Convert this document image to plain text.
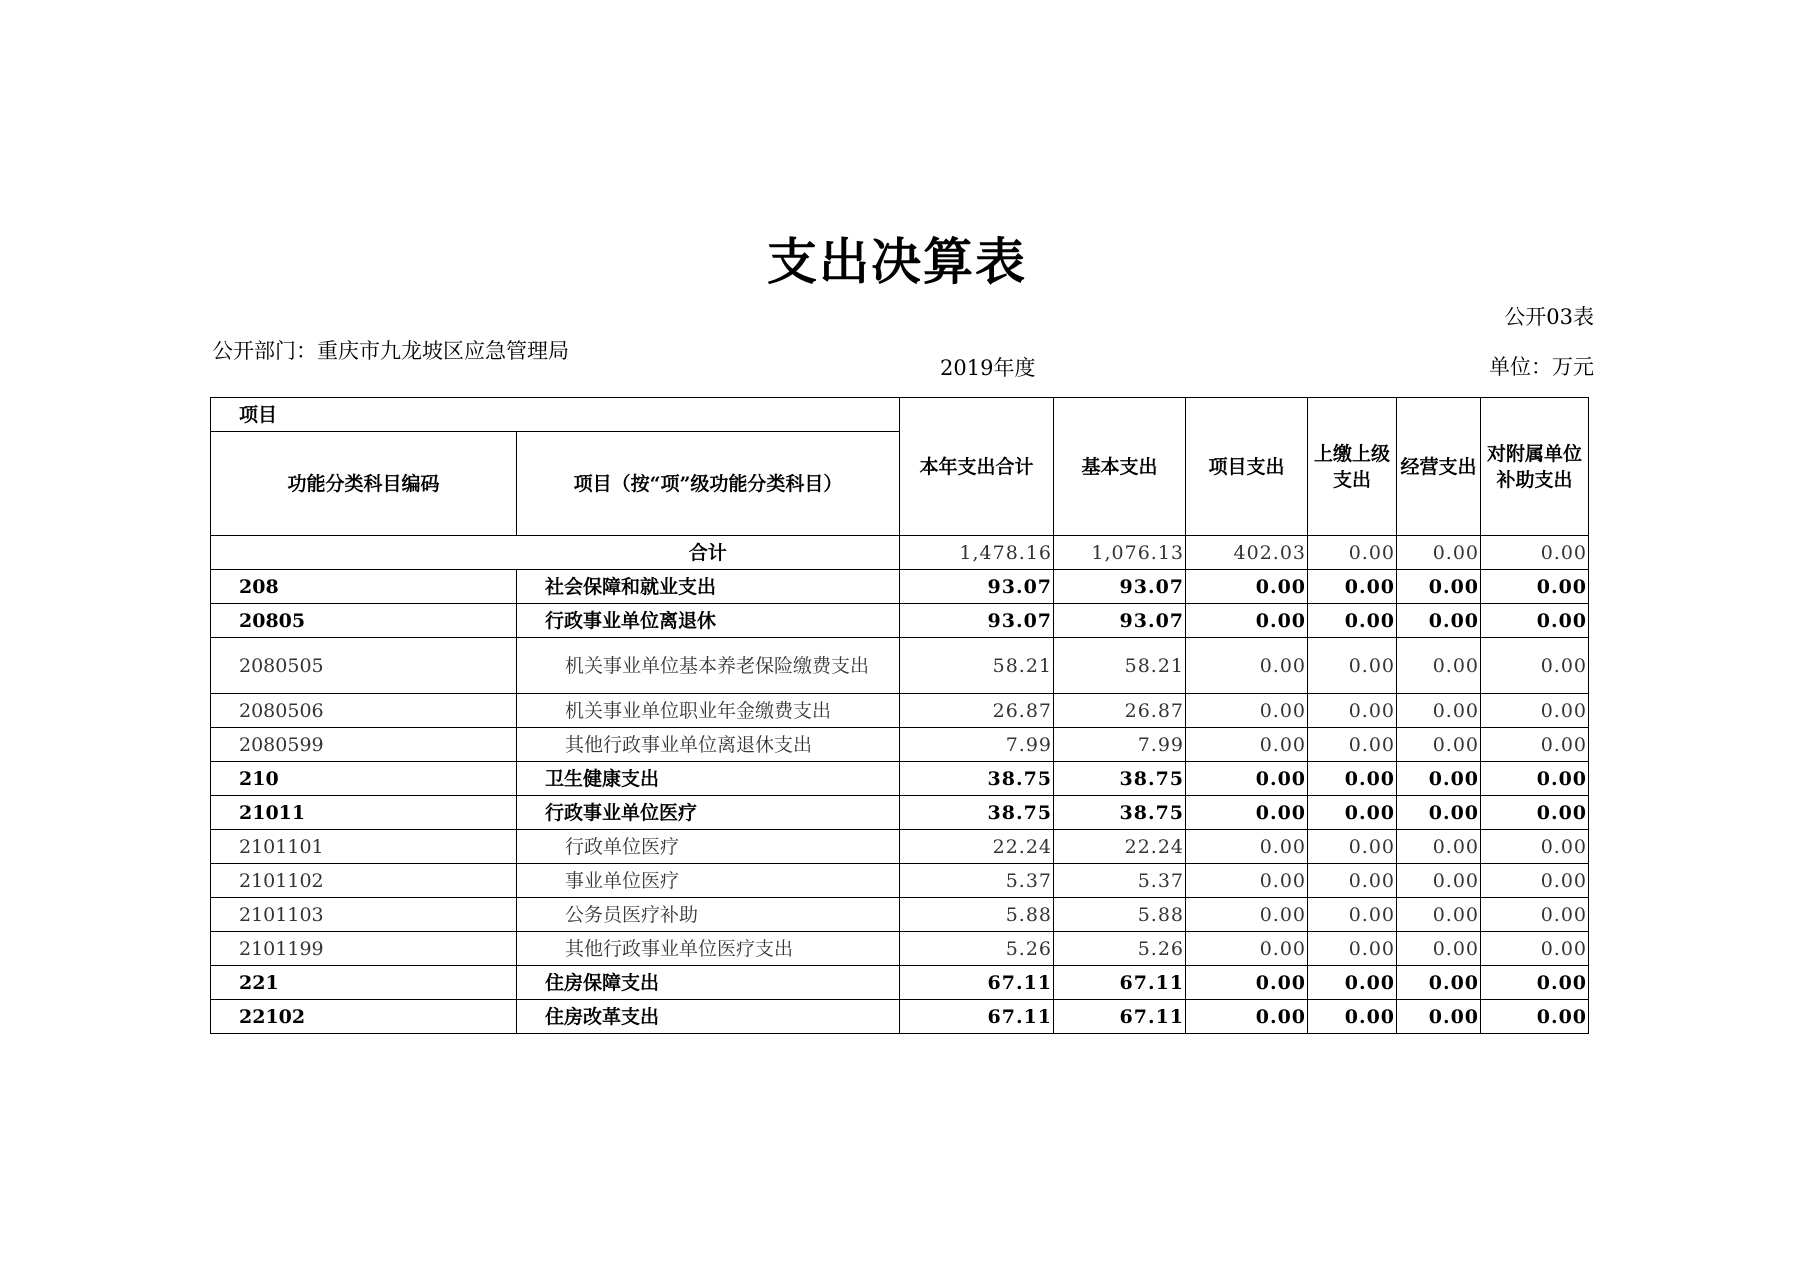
支出决算表
公开03表
公开部门：重庆市九龙坡区应急管理局
2019年度	单位：万元
项目		本年支出合计	基本支出	项目支出	上缴上级支出	经营支出	对附属单位补助支出
功能分类科目编码	项目（按“项”级功能分类科目）						
	合计	1,478.16	1,076.13	402.03	0.00	0.00	0.00
208	社会保障和就业支出	93.07	93.07	0.00	0.00	0.00	0.00
20805	行政事业单位离退休	93.07	93.07	0.00	0.00	0.00	0.00
2080505	机关事业单位基本养老保险缴费支出	58.21	58.21	0.00	0.00	0.00	0.00
2080506	机关事业单位职业年金缴费支出	26.87	26.87	0.00	0.00	0.00	0.00
2080599	其他行政事业单位离退休支出	7.99	7.99	0.00	0.00	0.00	0.00
210	卫生健康支出	38.75	38.75	0.00	0.00	0.00	0.00
21011	行政事业单位医疗	38.75	38.75	0.00	0.00	0.00	0.00
2101101	行政单位医疗	22.24	22.24	0.00	0.00	0.00	0.00
2101102	事业单位医疗	5.37	5.37	0.00	0.00	0.00	0.00
2101103	公务员医疗补助	5.88	5.88	0.00	0.00	0.00	0.00
2101199	其他行政事业单位医疗支出	5.26	5.26	0.00	0.00	0.00	0.00
221	住房保障支出	67.11	67.11	0.00	0.00	0.00	0.00
22102	住房改革支出	67.11	67.11	0.00	0.00	0.00	0.00
